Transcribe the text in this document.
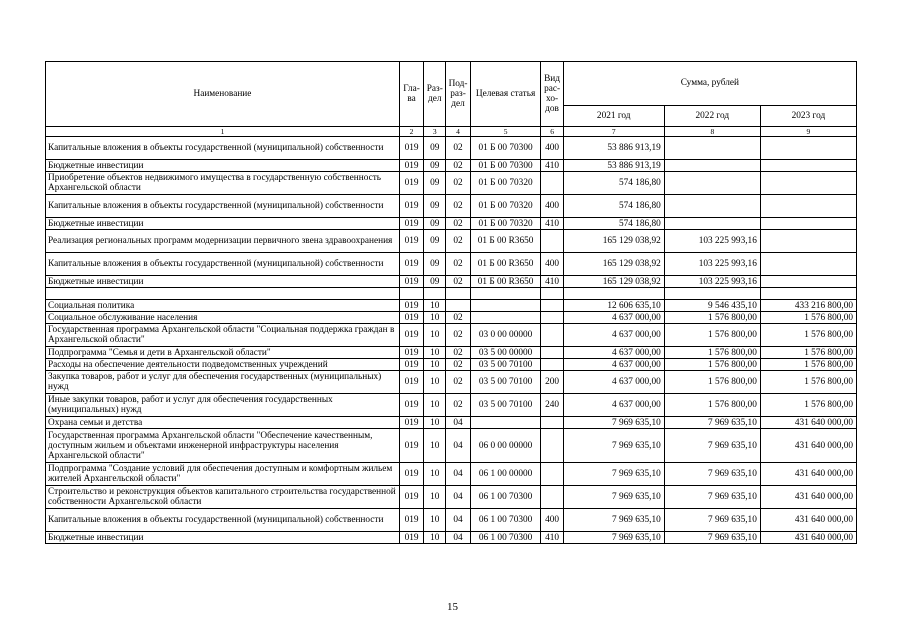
Наименование	Гла-ва	Раз-дел	Под-раз-дел	Целевая статья	Вид рас-хо-дов	Сумма, рублей		
						2021 год	2022 год	2023 год
1	2	3	4	5	6	7	8	9
Капитальные вложения в объекты государственной (муниципальной) собственности	019	09	02	01 Б 00 70300	400	53 886 913,19		
Бюджетные инвестиции	019	09	02	01 Б 00 70300	410	53 886 913,19		
Приобретение объектов недвижимого имущества в государственную собственность Архангельской области	019	09	02	01 Б 00 70320		574 186,80		
Капитальные вложения в объекты государственной (муниципальной) собственности	019	09	02	01 Б 00 70320	400	574 186,80		
Бюджетные инвестиции	019	09	02	01 Б 00 70320	410	574 186,80		
Реализация региональных программ модернизации первичного звена здравоохранения	019	09	02	01 Б 00 R3650		165 129 038,92	103 225 993,16	
Капитальные вложения в объекты государственной (муниципальной) собственности	019	09	02	01 Б 00 R3650	400	165 129 038,92	103 225 993,16	
Бюджетные инвестиции	019	09	02	01 Б 00 R3650	410	165 129 038,92	103 225 993,16	

Социальная политика	019	10				12 606 635,10	9 546 435,10	433 216 800,00
Социальное обслуживание населения	019	10	02			4 637 000,00	1 576 800,00	1 576 800,00
Государственная программа Архангельской области "Социальная поддержка граждан в Архангельской области"	019	10	02	03 0 00 00000		4 637 000,00	1 576 800,00	1 576 800,00
Подпрограмма "Семья и дети в Архангельской области"	019	10	02	03 5 00 00000		4 637 000,00	1 576 800,00	1 576 800,00
Расходы на обеспечение деятельности подведомственных учреждений	019	10	02	03 5 00 70100		4 637 000,00	1 576 800,00	1 576 800,00
Закупка товаров, работ и услуг для обеспечения государственных (муниципальных) нужд	019	10	02	03 5 00 70100	200	4 637 000,00	1 576 800,00	1 576 800,00
Иные закупки товаров, работ и услуг для обеспечения государственных (муниципальных) нужд	019	10	02	03 5 00 70100	240	4 637 000,00	1 576 800,00	1 576 800,00
Охрана семьи и детства	019	10	04			7 969 635,10	7 969 635,10	431 640 000,00
Государственная программа Архангельской области "Обеспечение качественным, доступным жильем и объектами инженерной инфраструктуры населения Архангельской области"	019	10	04	06 0 00 00000		7 969 635,10	7 969 635,10	431 640 000,00
Подпрограмма "Создание условий для обеспечения доступным и комфортным жильем жителей Архангельской области"	019	10	04	06 1 00 00000		7 969 635,10	7 969 635,10	431 640 000,00
Строительство и реконструкция объектов капитального строительства государственной собственности Архангельской области	019	10	04	06 1 00 70300		7 969 635,10	7 969 635,10	431 640 000,00
Капитальные вложения в объекты государственной (муниципальной) собственности	019	10	04	06 1 00 70300	400	7 969 635,10	7 969 635,10	431 640 000,00
Бюджетные инвестиции	019	10	04	06 1 00 70300	410	7 969 635,10	7 969 635,10	431 640 000,00
15
